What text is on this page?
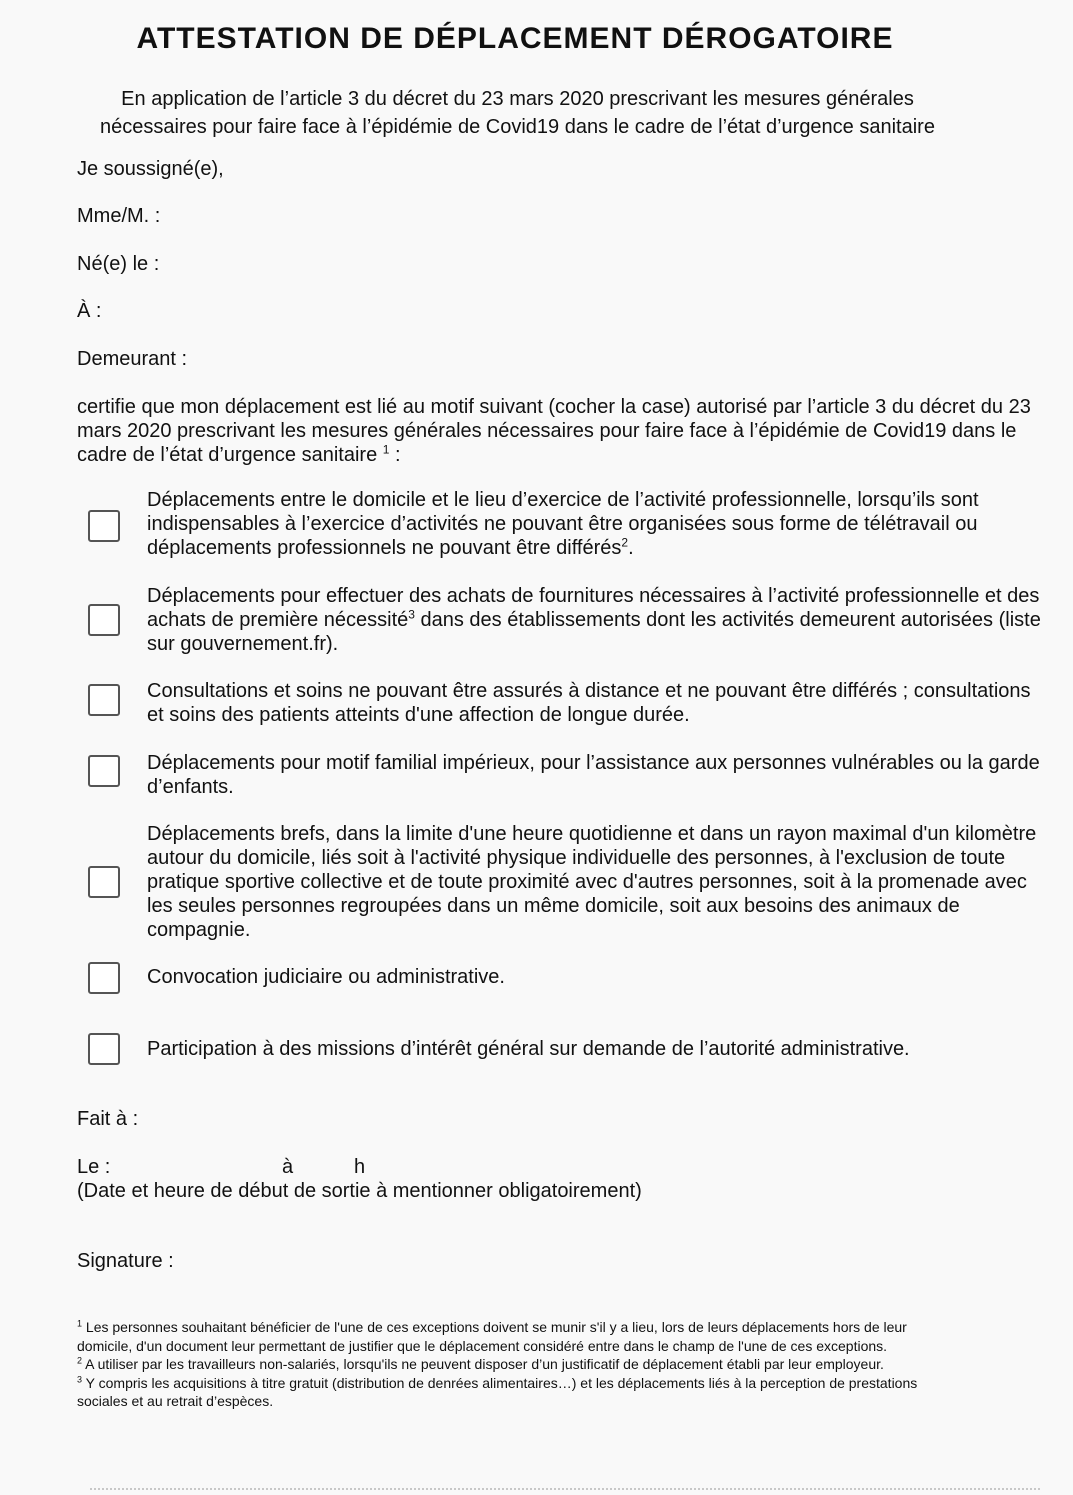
ATTESTATION DE DÉPLACEMENT DÉROGATOIRE
En application de l’article 3 du décret du 23 mars 2020 prescrivant les mesures générales
nécessaires pour faire face à l’épidémie de Covid19 dans le cadre de l’état d’urgence sanitaire
Je soussigné(e),
Mme/M. :
Né(e) le :
À :
Demeurant :
certifie que mon déplacement est lié au motif suivant (cocher la case) autorisé par l’article 3 du décret du 23 mars 2020 prescrivant les mesures générales nécessaires pour faire face à l’épidémie de Covid19 dans le cadre de l’état d’urgence sanitaire $^1$ :
Déplacements entre le domicile et le lieu d’exercice de l’activité professionnelle, lorsqu’ils sont indispensables à l’exercice d’activités ne pouvant être organisées sous forme de télétravail ou déplacements professionnels ne pouvant être différés$^2$.
Déplacements pour effectuer des achats de fournitures nécessaires à l’activité professionnelle et des achats de première nécessité$^3$ dans des établissements dont les activités demeurent autorisées (liste sur gouvernement.fr).
Consultations et soins ne pouvant être assurés à distance et ne pouvant être différés ; consultations et soins des patients atteints d'une affection de longue durée.
Déplacements pour motif familial impérieux, pour l’assistance aux personnes vulnérables ou la garde d’enfants.
Déplacements brefs, dans la limite d'une heure quotidienne et dans un rayon maximal d'un kilomètre autour du domicile, liés soit à l'activité physique individuelle des personnes, à l'exclusion de toute pratique sportive collective et de toute proximité avec d'autres personnes, soit à la promenade avec les seules personnes regroupées dans un même domicile, soit aux besoins des animaux de compagnie.
Convocation judiciaire ou administrative.
Participation à des missions d’intérêt général sur demande de l’autorité administrative.
Fait à :
Le :	à	h
(Date et heure de début de sortie à mentionner obligatoirement)
Signature :

$^1$ Les personnes souhaitant bénéficier de l'une de ces exceptions doivent se munir s'il y a lieu, lors de leurs déplacements hors de leur domicile, d'un document leur permettant de justifier que le déplacement considéré entre dans le champ de l'une de ces exceptions.

$^2$ A utiliser par les travailleurs non-salariés, lorsqu'ils ne peuvent disposer d’un justificatif de déplacement établi par leur employeur.

$^3$ Y compris les acquisitions à titre gratuit (distribution de denrées alimentaires…) et les déplacements liés à la perception de prestations sociales et au retrait d’espèces.
